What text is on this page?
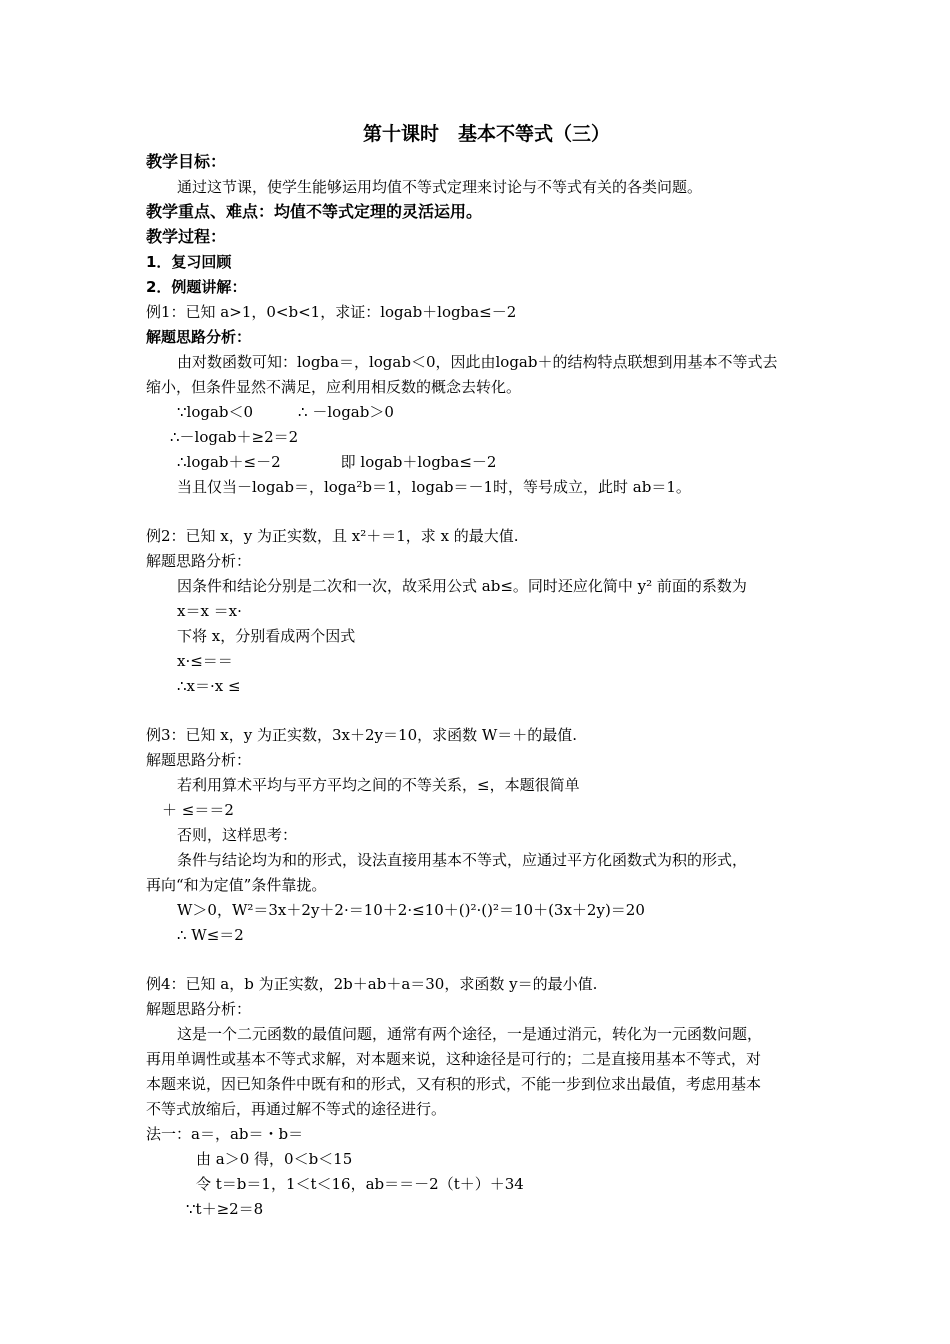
第十课时　基本不等式（三）
教学目标：
通过这节课，使学生能够运用均值不等式定理来讨论与不等式有关的各类问题。
教学重点、难点：均值不等式定理的灵活运用。
教学过程：
1．复习回顾
2．例题讲解：
例1：已知 a>1，0<b<1，求证：logab＋logba≤－2
解题思路分析：
由对数函数可知：logba＝，logab＜0，因此由logab＋的结构特点联想到用基本不等式去
缩小，但条件显然不满足，应利用相反数的概念去转化。
∵logab＜0　　　∴ －logab＞0
∴－logab＋≥2＝2
∴logab＋≤－2　　　　即 logab＋logba≤－2
当且仅当－logab＝，loga²b＝1，logab＝－1时，等号成立，此时 ab＝1。
例2：已知 x，y 为正实数，且 x²＋＝1，求 x 的最大值.
解题思路分析：
因条件和结论分别是二次和一次，故采用公式 ab≤。同时还应化简中 y² 前面的系数为
x＝x ＝x·
下将 x，分别看成两个因式
x·≤＝＝
∴x＝·x ≤
例3：已知 x，y 为正实数，3x＋2y＝10，求函数 W＝＋的最值.
解题思路分析：
若利用算术平均与平方平均之间的不等关系，≤，本题很简单
＋ ≤＝＝2
否则，这样思考：
条件与结论均为和的形式，设法直接用基本不等式，应通过平方化函数式为积的形式，
再向“和为定值”条件靠拢。
W＞0，W²＝3x＋2y＋2·＝10＋2·≤10＋()²·()²＝10＋(3x＋2y)＝20
∴ W≤＝2
例4：已知 a，b 为正实数，2b＋ab＋a＝30，求函数 y＝的最小值.
解题思路分析：
这是一个二元函数的最值问题，通常有两个途径，一是通过消元，转化为一元函数问题，
再用单调性或基本不等式求解，对本题来说，这种途径是可行的；二是直接用基本不等式，对
本题来说，因已知条件中既有和的形式，又有积的形式，不能一步到位求出最值，考虑用基本
不等式放缩后，再通过解不等式的途径进行。
法一：a＝，ab＝・b＝
由 a＞0 得，0＜b＜15
令 t＝b＝1，1＜t＜16，ab＝＝－2（t＋）＋34
∵t＋≥2＝8
